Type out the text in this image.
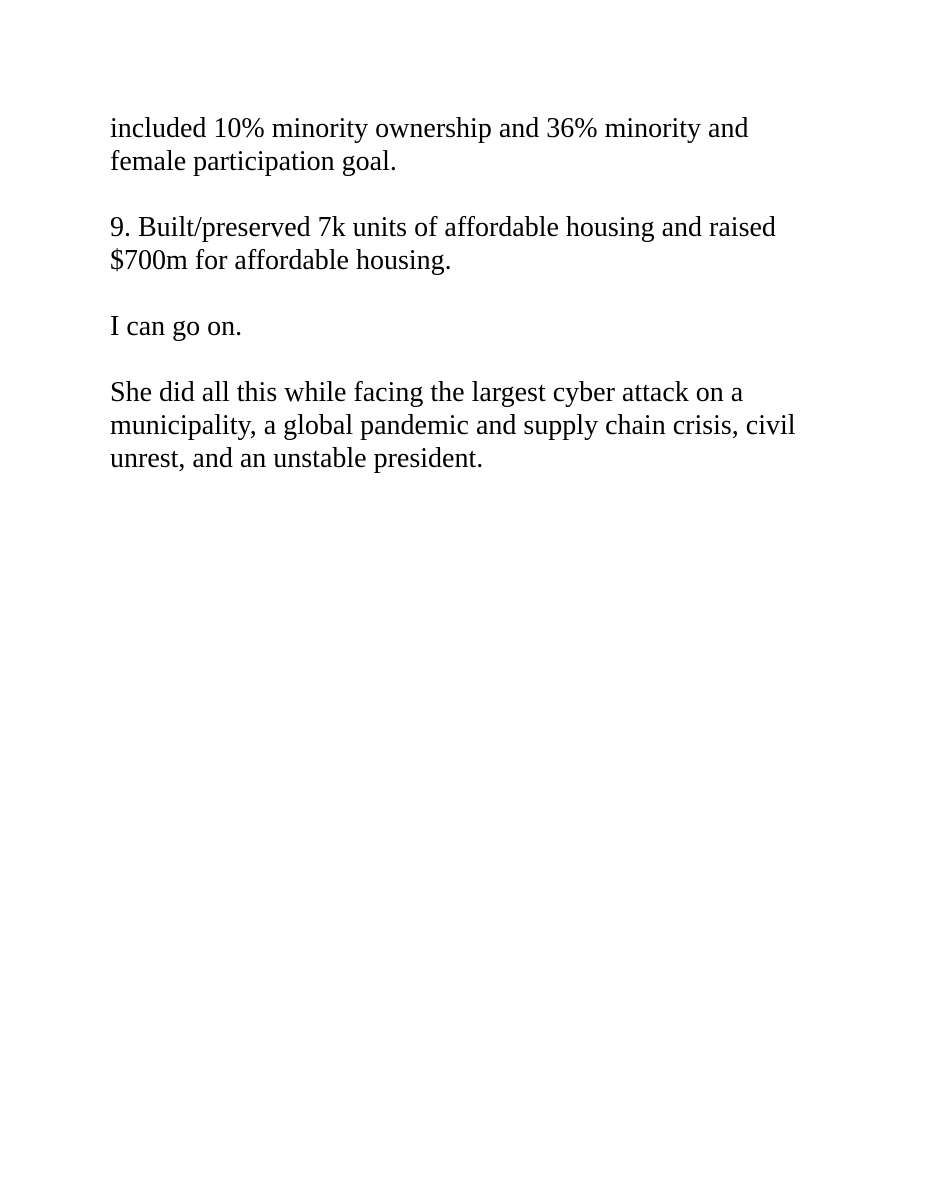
included 10% minority ownership and 36% minority and
female participation goal.

9. Built/preserved 7k units of affordable housing and raised
$700m for affordable housing.

I can go on.

She did all this while facing the largest cyber attack on a
municipality, a global pandemic and supply chain crisis, civil
unrest, and an unstable president.
